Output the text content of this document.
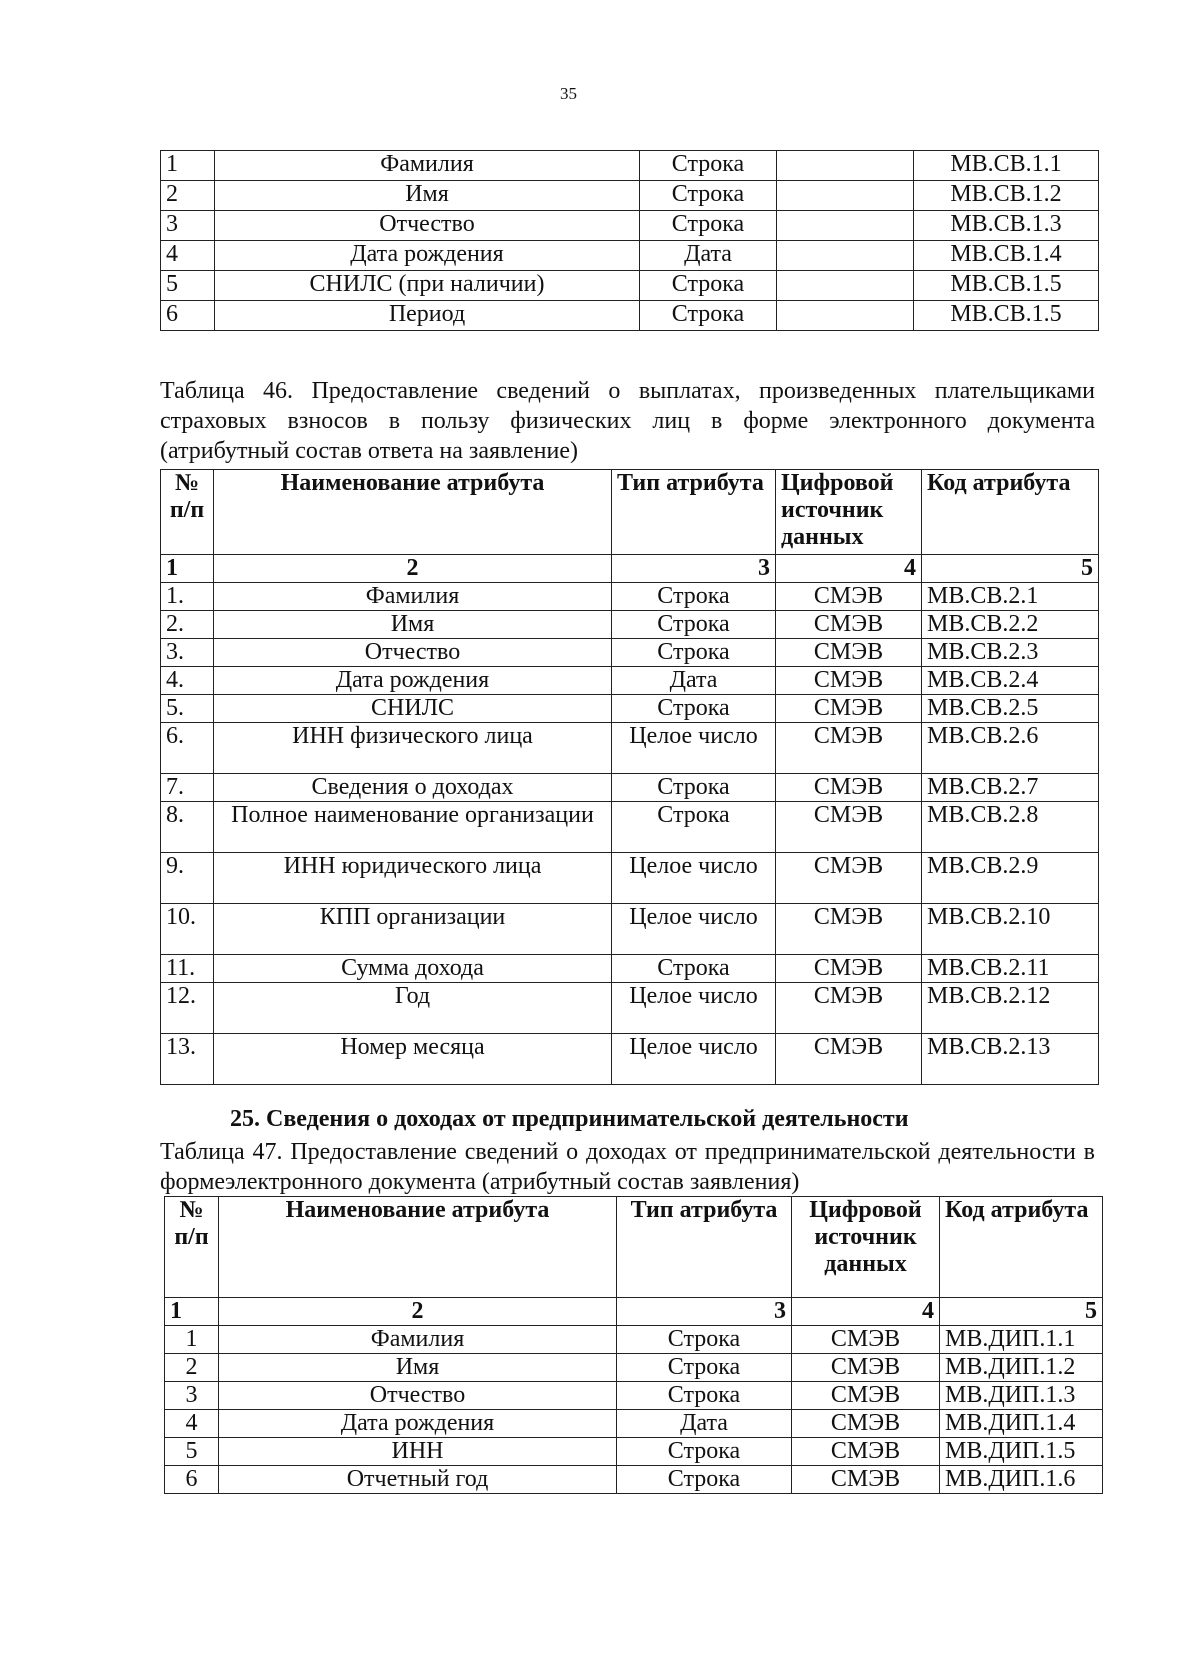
35
1	Фамилия	Строка		МВ.СВ.1.1
2	Имя	Строка		МВ.СВ.1.2
3	Отчество	Строка		МВ.СВ.1.3
4	Дата рождения	Дата		МВ.СВ.1.4
5	СНИЛС (при наличии)	Строка		МВ.СВ.1.5
6	Период	Строка		МВ.СВ.1.5
Таблица 46. Предоставление сведений о выплатах, произведенных плательщиками страховых взносов в пользу физических лиц в форме электронного документа (атрибутный состав ответа на заявление)
№ п/п	Наименование атрибута	Тип атрибута	Цифровой источник данных	Код атрибута
1	2	3	4	5
1.	Фамилия	Строка	СМЭВ	МВ.СВ.2.1
2.	Имя	Строка	СМЭВ	МВ.СВ.2.2
3.	Отчество	Строка	СМЭВ	МВ.СВ.2.3
4.	Дата рождения	Дата	СМЭВ	МВ.СВ.2.4
5.	СНИЛС	Строка	СМЭВ	МВ.СВ.2.5
6.	ИНН физического лица	Целое число	СМЭВ	МВ.СВ.2.6
7.	Сведения о доходах	Строка	СМЭВ	МВ.СВ.2.7
8.	Полное наименование организации	Строка	СМЭВ	МВ.СВ.2.8
9.	ИНН юридического лица	Целое число	СМЭВ	МВ.СВ.2.9
10.	КПП организации	Целое число	СМЭВ	МВ.СВ.2.10
11.	Сумма дохода	Строка	СМЭВ	МВ.СВ.2.11
12.	Год	Целое число	СМЭВ	МВ.СВ.2.12
13.	Номер месяца	Целое число	СМЭВ	МВ.СВ.2.13
25. Сведения о доходах от предпринимательской деятельности
Таблица 47. Предоставление сведений о доходах от предпринимательской деятельности в формеэлектронного документа (атрибутный состав заявления)
№ п/п	Наименование атрибута	Тип атрибута	Цифровой источник данных	Код атрибута
1	2	3	4	5
1	Фамилия	Строка	СМЭВ	МВ.ДИП.1.1
2	Имя	Строка	СМЭВ	МВ.ДИП.1.2
3	Отчество	Строка	СМЭВ	МВ.ДИП.1.3
4	Дата рождения	Дата	СМЭВ	МВ.ДИП.1.4
5	ИНН	Строка	СМЭВ	МВ.ДИП.1.5
6	Отчетный год	Строка	СМЭВ	МВ.ДИП.1.6
